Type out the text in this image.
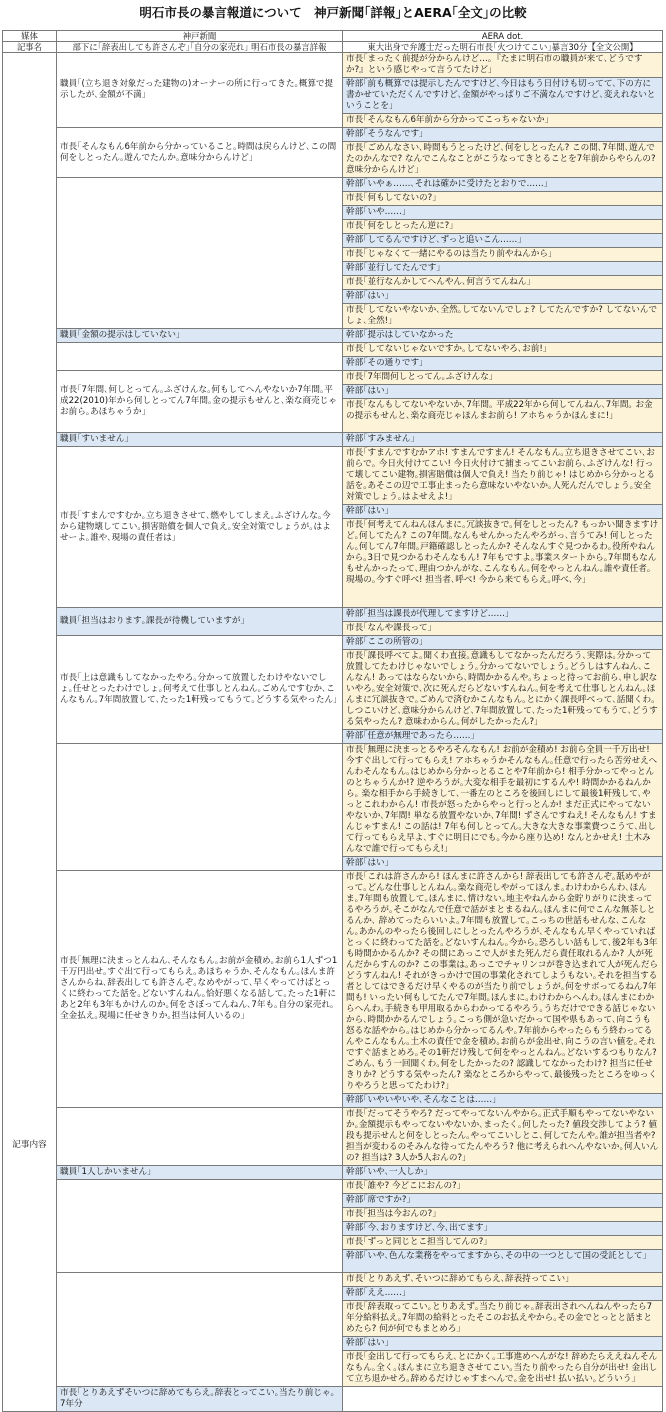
明石市長の暴言報道について　神戸新聞｢詳報｣とAERA｢全文｣の比較
媒体	神戸新聞	AERA dot.
記事名	部下に｢辞表出しても許さんぞ｣｢自分の家売れ｣ 明石市長の暴言詳報	東大出身で弁護士だった明石市長｢火つけてこい｣暴言30分【全文公開】
記事内容	職員｢(立ち退き対象だった建物の)オーナーの所に行ってきた｡概算で提示したが､金額が不満｣	市長｢まったく前提が分からんけど…｡『たまに明石市の職員が来て､どうですか?』という感じやって言うてたけど｣
		幹部｢前も概算では提示したんですけど､今日はもう日付けも切ってて､下の方に書かせていただくんですけど､金額がやっぱりご不満なんですけど､変えれないということを｣
		市長｢そんなもん6年前から分かってこっちゃないか｣
	市長｢そんなもん6年前から分かっていること｡時間は戻らんけど､この間何をしとったん｡遊んでたんか｡意味分からんけど｣	幹部｢そうなんです｣
		市長｢ごめんなさい､時間もうとったけど､何をしとったん? この間､7年間､遊んでたのかんなで? なんでこんなことがこうなってきとることを7年前からやらんの? 意味分からんけど｣
		幹部｢いやぁ……､それは確かに受けたとおりで……｣
		市長｢何もしてないの?｣
		幹部｢いや……｣
		市長｢何をしとったん逆に?｣
		幹部｢してるんですけど､ずっと追いこん……｣
		市長｢じゃなくて一緒にやるのは当たり前やねんから｣
		幹部｢並行してたんです｣
		市長｢並行なんかしてへんやん､何言うてんねん｣
		幹部｢はい｣
		市長｢してないやないか､全然｡してないんでしょ? してたんですか? してないんでしょ､全然!｣
	職員｢金額の提示はしていない｣	幹部｢提示はしていなかった
		市長｢してないじゃないですか｡してないやろ､お前!｣
		幹部｢その通りです｣
	市長｢7年間､何しとってん｡ふざけんな｡何もしてへんやないか7年間｡平成22(2010)年から何しとってん7年間｡金の提示もせんと､楽な商売じゃお前ら｡あほちゃうか｣	市長｢7年間何しとってん｡ふざけんな｣
		幹部｢はい｣
		市長｢なんもしてないやないか､7年間｡ 平成22年から何してんねん､7年間｡ お金の提示もせんと､楽な商売じゃほんまお前ら! アホちゃうかほんまに!｣
	職員｢すいません｣	幹部｢すみません｣
	市長｢すまんですむか｡立ち退きさせて､燃やしてしまえ｡ふざけんな｡今から建物壊してこい｡損害賠償を個人で負え｡安全対策でしょうが｡はよせーよ｡誰や､現場の責任者は｣	市長｢すまんですむかアホ! すまんですまん! そんなもん｡立ち退きさせてこい､お前らで｡ 今日火付けてこい! 今日火付けて捕まってこいお前ら､ふざけんな! 行って壊してこい建物｡損害賠償は個人で負え! 当たり前じゃ! はじめから分かっとる話を｡あそこの辺で工事止まったら意味ないやないか｡人死んだんでしょう｡安全対策でしょう｡はよせえよ!｣
		幹部｢はい｣
		市長｢何考えてんねんほんまに｡冗談抜きで｡何をしとったん? もっかい聞きますけど｡何してたん? この7年間｡なんもせんかったんやろがっ､言うてみ! 何しとったん｡何してん7年間｡戸籍確認しとったんか? そんなんすぐ見つかるわ｡役所やねんから｡3日で見つかるわそんなもん! 7年もですよ｡事業スタートから｡7年間もなんもせんかったって､理由つかんがな､こんなもん｡何をやっとんねん｡誰や責任者｡現場の｡今すぐ呼べ! 担当者､呼べ! 今から来てもらえ｡呼べ､今｣
	職員｢担当はおります｡課長が待機していますが｣	幹部｢担当は課長が代理してますけど……｣
		市長｢なんや課長って｣
	市長｢上は意識もしてなかったやろ｡分かって放置したわけやないでしょ｡任せとったわけでしょ｡何考えて仕事しとんねん｡ごめんですむか､こんなもん｡7年間放置して､たった1軒残ってもうて｡どうする気やったん｣	幹部｢ここの所管の｣
		市長｢課長呼べてよ｡聞くわ直接｡意識もしてなかったんだろう､実際は｡分かって放置してたわけじゃないでしょう｡分かってないでしょう｡どうしはすんねん､こんなん! あってはならないから､時間かかるんや｡ちょっと待ってお前ら､申し訳ないやろ｡安全対策で､次に死んだらどないすんねん｡何を考えて仕事しとんねん｡ほんまに冗談抜きで｡ごめんで済むかこんなもん｡とにかく課長呼べって､話聞くわ｡しつこいけど､意味分からんけど､7年間放置して､たった1軒残ってもうて､どうする気やったん? 意味わからん｡何がしたかったん?｣
		幹部｢任意が無理であったら……｣
		市長｢無理に決まっとるやろそんなもん! お前が金積め! お前ら全員一千万出せ! 今すぐ出して行ってもらえ! アホちゃうかそんなもん｡任意で行ったら苦労せえへんわそんなもん｡はじめから分かっとることや7年前から! 相手分かってやっとんのとちゃうんか!? 逆やろうが｡大変な相手を最初にするんや! 時間かかるねんから｡ 楽な相手から手続きして､一番左のところを後回しにして最後1軒残して､やっとこれわからん! 市長が怒ったからやっと行っとんか! まだ正式にやってないやないか､7年間! 単なる放置やないか､7年間! ずさんですねえ! そんなもん! すまんじゃすまん! この話は! 7年も何しとってん｡大きな大きな事業費つこうて､出して行ってもらえ早よ､すぐに明日にでも｡今から座り込め! なんとかせえ! 土木みんなで誰で行ってもらえ!｣
		幹部｢はい｣
	市長｢無理に決まっとんねん､そんなもん｡お前が金積め｡お前ら1人ずつ1千万円出せ｡すぐ出て行ってもらえ｡あほちゃうか､そんなもん｡ほんま許さんからね､辞表出しても許さんぞ｡なめやがって､早くやってけばとっくに終わってた話を｡どないすんねん｡恰好悪くなる話して｡たった1軒にあと2年も3年もかけんのか｡何をさぼってんねん､7年も｡自分の家売れ｡全金払え｡現場に任せきりか｡担当は何人いるの｣	市長｢これは許さんから! ほんまに許さんから! 辞表出しても許さんぞ｡舐めやがって｡どんな仕事しとんねん｡楽な商売しやがってほんま｡わけわからんわ､ほんま｡7年間も放置して｡ほんまに､情けない｡地主やねんから金貯りがりに決まってるやろうが｡そこがなんで任意で話がまとまるねん｡ほんまに何でこんな無茶しとるんか､ 辞めてったらいいよ｡7年間も放置して｡こっちの世話もせんな､こんなん｡あかんのやったら後回しにしとったんやろうが､そんなもん早くやっていればとっくに終わってた話を｡どないすんねん｡今から｡恐ろしい話もして､後2年も3年も時間かかるんか? その間にあっこで人がまた死んだら責任取れるんか? 人が死んだからすんのか? この事業は｡あっこでチャリンコが巻き込まれて人が死んだらどうすんねん! それがきっかけで国の事業化されてしようもない｡それを担当する者としてはできるだけ早くやるのが当たり前でしょうが｡何をサボってるねん7年間も! いったい何もしてたんで7年間｡ほんまに｡わけわからへんわ｡ほんまにわからへんわ｡手続きも甲用取るからわかってるやろう｡うちだけでできる話じゃないから､時間かかるんでしょう｡こっち側が急いだかって国や県もあって､向こうも怒るな話やから｡はじめから分かってるんや｡7年前からやったらもう終わってるんやこんなもん｡土木の責任で金を積め｡お前らが金出せ､向こうの言い値を｡それですぐ話まとめろ｡その1軒だけ残して何をやっとんねん｡どないするつもりなん? ごめん､もう一回聞くわ｡何をしたかったの? 認識してなかったわけ? 担当に任せきりか? どうする気やったん? 楽なところからやって､最後残ったところをゆっくりやろうと思ってたわけ?｣
		幹部｢いやいやいや､そんなことは……｣
		市長｢だってそうやろ? だってやってないんやから｡正式手順もやってないやないか｡金額提示もやってないやないか､まったく｡何したった? 値段交渉してよう? 値段も提示せんと何をしとったん｡やってこいしとこ､何してたんや｡誰が担当者や? 担当が変わるのそみんな待ってたんやろう? 他に考えられへんやないか｡何人いんの? 担当は? 3人か5人おんの?｣
	職員｢1人しかいません｣	幹部｢いや､一人しか｣
		市長｢誰や? 今どこにおんの?｣
		幹部｢席ですか?｣
		市長｢担当は今おんの?｣
		幹部｢今､おりますけど､今､出てます｣
		市長｢ずっと同じとこ担当してんの?｣
		幹部｢いや､色んな業務をやってますから､その中の一つとして国の受託として｣
		市長｢とりあえず､そいつに辞めてもらえ､辞表持ってこい｣
		幹部｢ええ……｣
		市長｢辞表取ってこい｡とりあえず｡当たり前じゃ｡辞表出されへんねんやったら7年分給料払え｡7年間の給料とったそこのお払えやから｡その金でとっとと話まとめたら? 何が何でもまとめろ｣
		幹部｢はい｣
		市長｢金出して行ってもらえ､とにかく｡工事進めへんがな! 辞めたらええねんそんなもん｡全く｡ほんまに立ち退きさせてこい｡当たり前やったら自分が出せ! 金出して立ち退かせろ｡辞めるだけじゃすまへんで｡金を出せ! 払い払い｡どういう｣
	市長｢とりあえずそいつに辞めてもらえ｡辞表とってこい｡当たり前じゃ｡7年分	
